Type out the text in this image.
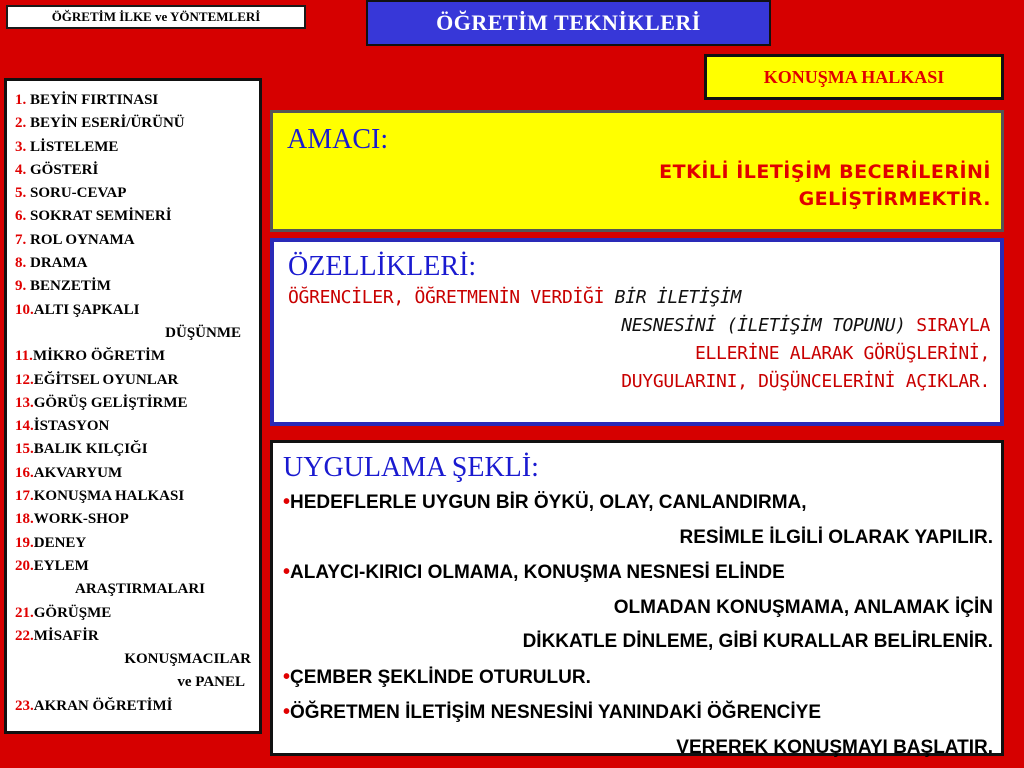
ÖĞRETİM İLKE ve YÖNTEMLERİ	ÖĞRETİM TEKNİKLERİ
KONUŞMA HALKASI
1. BEYİN FIRTINASI
2. BEYİN ESERİ/ÜRÜNÜ
3. LİSTELEME
4. GÖSTERİ
5. SORU-CEVAP
6. SOKRAT SEMİNERİ
7. ROL OYNAMA
8. DRAMA
9. BENZETİM
10.ALTI ŞAPKALI
DÜŞÜNME
11.MİKRO ÖĞRETİM
12.EĞİTSEL OYUNLAR
13.GÖRÜŞ GELİŞTİRME
14.İSTASYON
15.BALIK KILÇIĞI
16.AKVARYUM
17.KONUŞMA HALKASI
18.WORK-SHOP
19.DENEY
20.EYLEM
ARAŞTIRMALARI
21.GÖRÜŞME
22.MİSAFİR
KONUŞMACILAR
ve PANEL
23.AKRAN ÖĞRETİMİ
AMACI:
ETKİLİ İLETİŞİM BECERİLERİNİ
GELİŞTİRMEKTİR.
ÖZELLİKLERİ:
ÖĞRENCİLER, ÖĞRETMENİN VERDİĞİ BİR İLETİŞİM
NESNESİNİ (İLETİŞİM TOPUNU) SIRAYLA
ELLERİNE ALARAK GÖRÜŞLERİNİ,
DUYGULARINI, DÜŞÜNCELERİNİ AÇIKLAR.
UYGULAMA ŞEKLİ:
•HEDEFLERLE UYGUN BİR ÖYKÜ, OLAY, CANLANDIRMA,
RESİMLE İLGİLİ OLARAK YAPILIR.
•ALAYCI-KIRICI OLMAMA, KONUŞMA NESNESİ ELİNDE
OLMADAN KONUŞMAMA, ANLAMAK İÇİN
DİKKATLE DİNLEME, GİBİ KURALLAR BELİRLENİR.
•ÇEMBER ŞEKLİNDE OTURULUR.
•ÖĞRETMEN İLETİŞİM NESNESİNİ YANINDAKİ ÖĞRENCİYE
VEREREK KONUŞMAYI BAŞLATIR.
